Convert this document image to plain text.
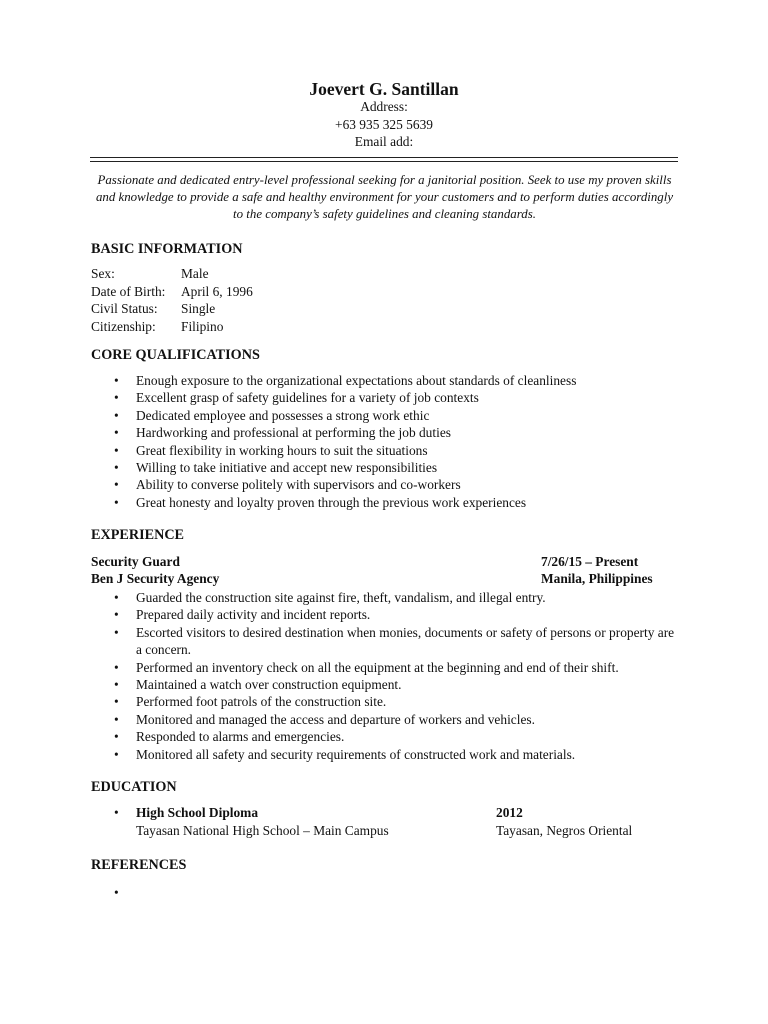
Joevert G. Santillan
Address:
+63 935 325 5639
Email add:
Passionate and dedicated entry-level professional seeking for a janitorial position. Seek to use my proven skills and knowledge to provide a safe and healthy environment for your customers and to perform duties accordingly to the company’s safety guidelines and cleaning standards.
BASIC INFORMATION
Sex:	Male
Date of Birth:	April 6, 1996
Civil Status:	Single
Citizenship:	Filipino
CORE QUALIFICATIONS
• Enough exposure to the organizational expectations about standards of cleanliness
• Excellent grasp of safety guidelines for a variety of job contexts
• Dedicated employee and possesses a strong work ethic
• Hardworking and professional at performing the job duties
• Great flexibility in working hours to suit the situations
• Willing to take initiative and accept new responsibilities
• Ability to converse politely with supervisors and co-workers
• Great honesty and loyalty proven through the previous work experiences
EXPERIENCE
Security Guard	7/26/15 – Present
Ben J Security Agency	Manila, Philippines
• Guarded the construction site against fire, theft, vandalism, and illegal entry.
• Prepared daily activity and incident reports.
• Escorted visitors to desired destination when monies, documents or safety of persons or property are a concern.
• Performed an inventory check on all the equipment at the beginning and end of their shift.
• Maintained a watch over construction equipment.
• Performed foot patrols of the construction site.
• Monitored and managed the access and departure of workers and vehicles.
• Responded to alarms and emergencies.
• Monitored all safety and security requirements of constructed work and materials.
EDUCATION
• High School Diploma	2012
Tayasan National High School – Main Campus	Tayasan, Negros Oriental
REFERENCES
•
